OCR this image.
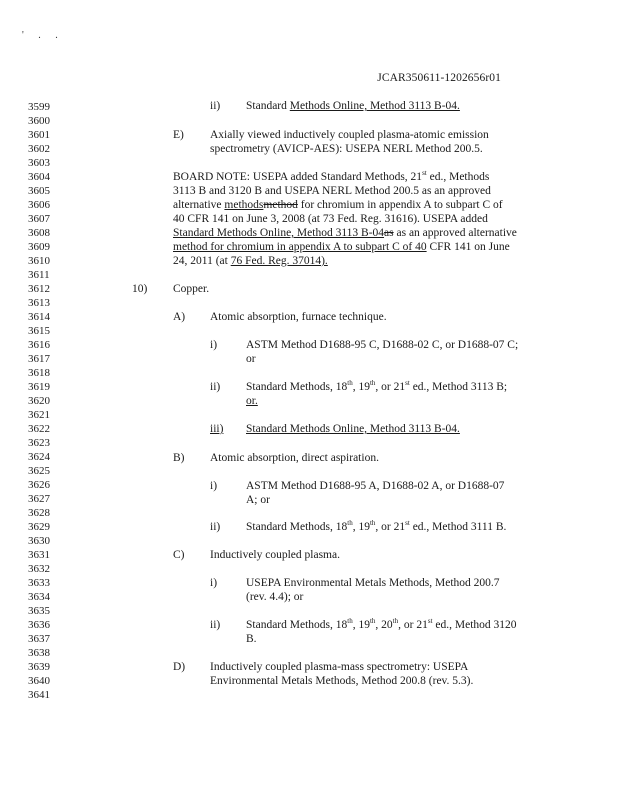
' . .
JCAR350611-1202656r01
3599
3600
3601
3602
3603
3604
3605
3606
3607
3608
3609
3610
3611
3612
3613
3614
3615
3616
3617
3618
3619
3620
3621
3622
3623
3624
3625
3626
3627
3628
3629
3630
3631
3632
3633
3634
3635
3636
3637
3638
3639
3640
3641
ii) Standard Methods Online, Method 3113 B-04.
E) Axially viewed inductively coupled plasma-atomic emission
spectrometry (AVICP-AES): USEPA NERL Method 200.5.
BOARD NOTE: USEPA added Standard Methods, 21st ed., Methods
3113 B and 3120 B and USEPA NERL Method 200.5 as an approved
alternative methodsmethod for chromium in appendix A to subpart C of
40 CFR 141 on June 3, 2008 (at 73 Fed. Reg. 31616). USEPA added
Standard Methods Online, Method 3113 B-04as as an approved alternative
method for chromium in appendix A to subpart C of 40 CFR 141 on June
24, 2011 (at 76 Fed. Reg. 37014).
10) Copper.
A) Atomic absorption, furnace technique.
i)	ASTM Method D1688-95 C, D1688-02 C, or D1688-07 C;
or
ii) Standard Methods, 18th, 19th, or 21st ed., Method 3113 B;
or.
iii) Standard Methods Online, Method 3113 B-04.
B) Atomic absorption, direct aspiration.
i)	ASTM Method D1688-95 A, D1688-02 A, or D1688-07
A; or
ii) Standard Methods, 18th, 19th, or 21st ed., Method 3111 B.
C) Inductively coupled plasma.
i)	USEPA Environmental Metals Methods, Method 200.7
(rev. 4.4); or
ii) Standard Methods, 18th, 19th, 20th, or 21st ed., Method 3120
B.
D) Inductively coupled plasma-mass spectrometry: USEPA
Environmental Metals Methods, Method 200.8 (rev. 5.3).
